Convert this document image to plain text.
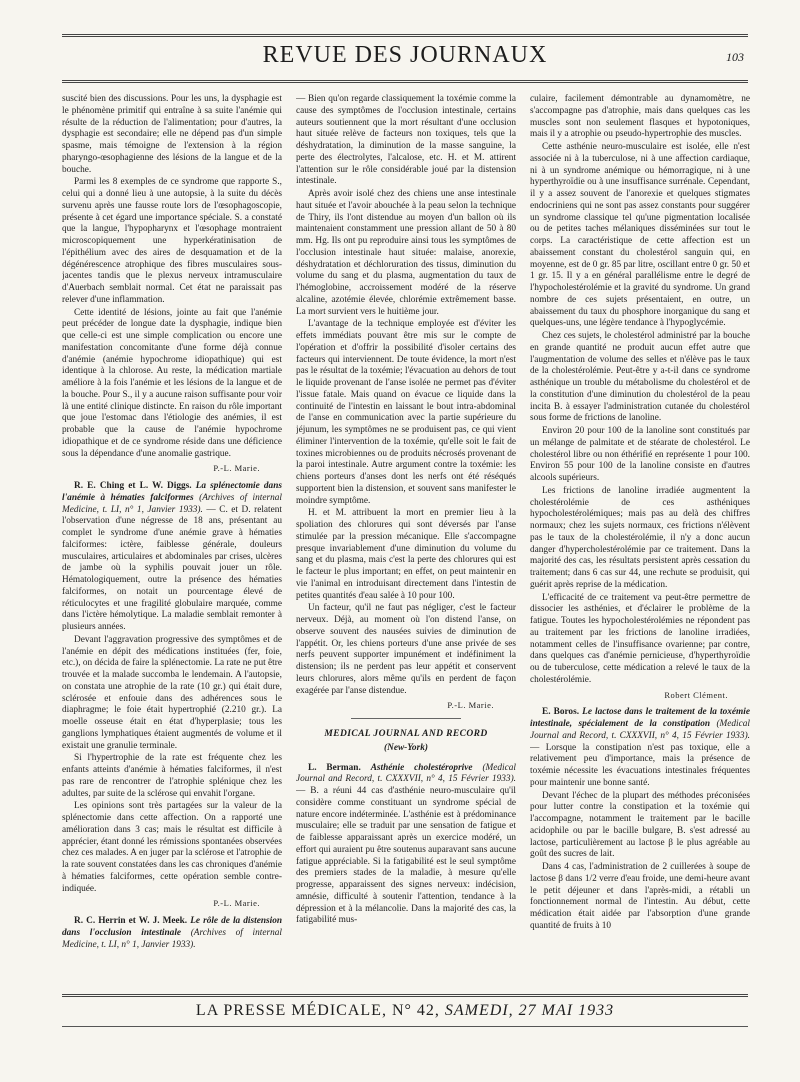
REVUE DES JOURNAUX	103

suscité bien des discussions. Pour les uns, la dysphagie est le phénomène primitif qui entraîne à sa suite l'anémie qui résulte de la réduction de l'alimentation; pour d'autres, la dysphagie est secondaire; elle ne dépend pas d'un simple spasme, mais témoigne de l'extension à la région pharyngo-œsophagienne des lésions de la langue et de la bouche.

Parmi les 8 exemples de ce syndrome que rapporte S., celui qui a donné lieu à une autopsie, à la suite du décès survenu après une fausse route lors de l'œsophagoscopie, présente à cet égard une importance spéciale. S. a constaté que la langue, l'hypopharynx et l'œsophage montraient microscopiquement une hyperkératinisation de l'épithélium avec des aires de desquamation et de la dégénérescence atrophique des fibres musculaires sous-jacentes tandis que le plexus nerveux intramusculaire d'Auerbach semblait normal. Cet état ne paraissait pas relever d'une inflammation.

Cette identité de lésions, jointe au fait que l'anémie peut précéder de longue date la dysphagie, indique bien que celle-ci est une simple complication ou encore une manifestation concomitante d'une forme déjà connue d'anémie (anémie hypochrome idiopathique) qui est identique à la chlorose. Au reste, la médication martiale améliore à la fois l'anémie et les lésions de la langue et de la bouche. Pour S., il y a aucune raison suffisante pour voir là une entité clinique distincte. En raison du rôle important que joue l'estomac dans l'étiologie des anémies, il est probable que la cause de l'anémie hypochrome idiopathique et de ce syndrome réside dans une déficience sous la dépendance d'une anomalie gastrique.

P.-L. Marie.

R. E. Ching et L. W. Diggs. La splénectomie dans l'anémie à hématies falciformes (Archives of internal Medicine, t. LI, n° 1, Janvier 1933). — C. et D. relatent l'observation d'une négresse de 18 ans, présentant au complet le syndrome d'une anémie grave à hématies falciformes: ictère, faiblesse générale, douleurs musculaires, articulaires et abdominales par crises, ulcères de jambe où la syphilis pouvait jouer un rôle. Hématologiquement, outre la présence des hématies falciformes, on notait un pourcentage élevé de réticulocytes et une fragilité globulaire marquée, comme dans l'ictère hémolytique. La maladie semblait remonter à plusieurs années.

Devant l'aggravation progressive des symptômes et de l'anémie en dépit des médications instituées (fer, foie, etc.), on décida de faire la splénectomie. La rate ne put être trouvée et la malade succomba le lendemain. A l'autopsie, on constata une atrophie de la rate (10 gr.) qui était dure, sclérosée et enfouie dans des adhérences sous le diaphragme; le foie était hypertrophié (2.210 gr.). La moelle osseuse était en état d'hyperplasie; tous les ganglions lymphatiques étaient augmentés de volume et il existait une granulie terminale.

Si l'hypertrophie de la rate est fréquente chez les enfants atteints d'anémie à hématies falciformes, il n'est pas rare de rencontrer de l'atrophie splénique chez les adultes, par suite de la sclérose qui envahit l'organe.

Les opinions sont très partagées sur la valeur de la splénectomie dans cette affection. On a rapporté une amélioration dans 3 cas; mais le résultat est difficile à apprécier, étant donné les rémissions spontanées observées chez ces malades. A en juger par la sclérose et l'atrophie de la rate souvent constatées dans les cas chroniques d'anémie à hématies falciformes, cette opération semble contre-indiquée.

P.-L. Marie.

R. C. Herrin et W. J. Meek. Le rôle de la distension dans l'occlusion intestinale (Archives of internal Medicine, t. LI, n° 1, Janvier 1933).

— Bien qu'on regarde classiquement la toxémie comme la cause des symptômes de l'occlusion intestinale, certains auteurs soutiennent que la mort résultant d'une occlusion haut située relève de facteurs non toxiques, tels que la déshydratation, la diminution de la masse sanguine, la perte des électrolytes, l'alcalose, etc. H. et M. attirent l'attention sur le rôle considérable joué par la distension intestinale.

Après avoir isolé chez des chiens une anse intestinale haut située et l'avoir abouchée à la peau selon la technique de Thiry, ils l'ont distendue au moyen d'un ballon où ils maintenaient constamment une pression allant de 50 à 80 mm. Hg. Ils ont pu reproduire ainsi tous les symptômes de l'occlusion intestinale haut située: malaise, anorexie, déshydratation et déchloruration des tissus, diminution du volume du sang et du plasma, augmentation du taux de l'hémoglobine, accroissement modéré de la réserve alcaline, azotémie élevée, chlorémie extrêmement basse. La mort survient vers le huitième jour.

L'avantage de la technique employée est d'éviter les effets immédiats pouvant être mis sur le compte de l'opération et d'offrir la possibilité d'isoler certains des facteurs qui interviennent. De toute évidence, la mort n'est pas le résultat de la toxémie; l'évacuation au dehors de tout le liquide provenant de l'anse isolée ne permet pas d'éviter l'issue fatale. Mais quand on évacue ce liquide dans la continuité de l'intestin en laissant le bout intra-abdominal de l'anse en communication avec la partie supérieure du jéjunum, les symptômes ne se produisent pas, ce qui vient éliminer l'intervention de la toxémie, qu'elle soit le fait de toxines microbiennes ou de produits nécrosés provenant de la paroi intestinale. Autre argument contre la toxémie: les chiens porteurs d'anses dont les nerfs ont été réséqués supportent bien la distension, et souvent sans manifester le moindre symptôme.

H. et M. attribuent la mort en premier lieu à la spoliation des chlorures qui sont déversés par l'anse stimulée par la pression mécanique. Elle s'accompagne presque invariablement d'une diminution du volume du sang et du plasma, mais c'est la perte des chlorures qui est le facteur le plus important; en effet, on peut maintenir en vie l'animal en introduisant directement dans l'intestin de petites quantités d'eau salée à 10 pour 100.

Un facteur, qu'il ne faut pas négliger, c'est le facteur nerveux. Déjà, au moment où l'on distend l'anse, on observe souvent des nausées suivies de diminution de l'appétit. Or, les chiens porteurs d'une anse privée de ses nerfs peuvent supporter impunément et indéfiniment la distension; ils ne perdent pas leur appétit et conservent leurs chlorures, alors même qu'ils en perdent de façon exagérée par l'anse distendue.

P.-L. Marie.
MEDICAL JOURNAL AND RECORD
(New-York)

L. Berman. Asthénie cholestéroprive (Medical Journal and Record, t. CXXXVII, n° 4, 15 Février 1933). — B. a réuni 44 cas d'asthénie neuro-musculaire qu'il considère comme constituant un syndrome spécial de nature encore indéterminée. L'asthénie est à prédominance musculaire; elle se traduit par une sensation de fatigue et de faiblesse apparaissant après un exercice modéré, un effort qui auraient pu être soutenus auparavant sans aucune fatigue appréciable. Si la fatigabilité est le seul symptôme des premiers stades de la maladie, à mesure qu'elle progresse, apparaissent des signes nerveux: indécision, amnésie, difficulté à soutenir l'attention, tendance à la dépression et à la mélancolie. Dans la majorité des cas, la fatigabilité mus-

culaire, facilement démontrable au dynamomètre, ne s'accompagne pas d'atrophie, mais dans quelques cas les muscles sont non seulement flasques et hypotoniques, mais il y a atrophie ou pseudo-hypertrophie des muscles.

Cette asthénie neuro-musculaire est isolée, elle n'est associée ni à la tuberculose, ni à une affection cardiaque, ni à un syndrome anémique ou hémorragique, ni à une hyperthyroïdie ou à une insuffisance surrénale. Cependant, il y a assez souvent de l'anorexie et quelques stigmates endocriniens qui ne sont pas assez constants pour suggérer un syndrome classique tel qu'une pigmentation localisée ou de petites taches mélaniques disséminées sur tout le corps. La caractéristique de cette affection est un abaissement constant du cholestérol sanguin qui, en moyenne, est de 0 gr. 85 par litre, oscillant entre 0 gr. 50 et 1 gr. 15. Il y a en général parallélisme entre le degré de l'hypocholestérolémie et la gravité du syndrome. Un grand nombre de ces sujets présentaient, en outre, un abaissement du taux du phosphore inorganique du sang et quelques-uns, une légère tendance à l'hypoglycémie.

Chez ces sujets, le cholestérol administré par la bouche en grande quantité ne produit aucun effet autre que l'augmentation de volume des selles et n'élève pas le taux de la cholestérolémie. Peut-être y a-t-il dans ce syndrome asthénique un trouble du métabolisme du cholestérol et de la constitution d'une diminution du cholestérol de la peau incita B. à essayer l'administration cutanée du cholestérol sous forme de frictions de lanoline.

Environ 20 pour 100 de la lanoline sont constitués par un mélange de palmitate et de stéarate de cholestérol. Le cholestérol libre ou non éthérifié en représente 1 pour 100. Environ 55 pour 100 de la lanoline consiste en d'autres alcools supérieurs.

Les frictions de lanoline irradiée augmentent la cholestérolémie de ces asthéniques hypocholestérolémiques; mais pas au delà des chiffres normaux; chez les sujets normaux, ces frictions n'élèvent pas le taux de la cholestérolémie, il n'y a donc aucun danger d'hypercholestérolémie par ce traitement. Dans la majorité des cas, les résultats persistent après cessation du traitement; dans 6 cas sur 44, une rechute se produisit, qui guérit après reprise de la médication.

L'efficacité de ce traitement va peut-être permettre de dissocier les asthénies, et d'éclairer le problème de la fatigue. Toutes les hypocholestérolémies ne répondent pas au traitement par les frictions de lanoline irradiées, notamment celles de l'insuffisance ovarienne; par contre, dans quelques cas d'anémie pernicieuse, d'hyperthyroïdie ou de tuberculose, cette médication a relevé le taux de la cholestérolémie.

Robert Clément.

E. Boros. Le lactose dans le traitement de la toxémie intestinale, spécialement de la constipation (Medical Journal and Record, t. CXXXVII, n° 4, 15 Février 1933). — Lorsque la constipation n'est pas toxique, elle a relativement peu d'importance, mais la présence de toxémie nécessite les évacuations intestinales fréquentes pour maintenir une bonne santé.

Devant l'échec de la plupart des méthodes préconisées pour lutter contre la constipation et la toxémie qui l'accompagne, notamment le traitement par le bacille acidophile ou par le bacille bulgare, B. s'est adressé au lactose, particulièrement au lactose β le plus agréable au goût des sucres de lait.

Dans 4 cas, l'administration de 2 cuillerées à soupe de lactose β dans 1/2 verre d'eau froide, une demi-heure avant le petit déjeuner et dans l'après-midi, a rétabli un fonctionnement normal de l'intestin. Au début, cette médication était aidée par l'absorption d'une grande quantité de fruits à 10

LA PRESSE MÉDICALE, N° 42, SAMEDI, 27 MAI 1933
